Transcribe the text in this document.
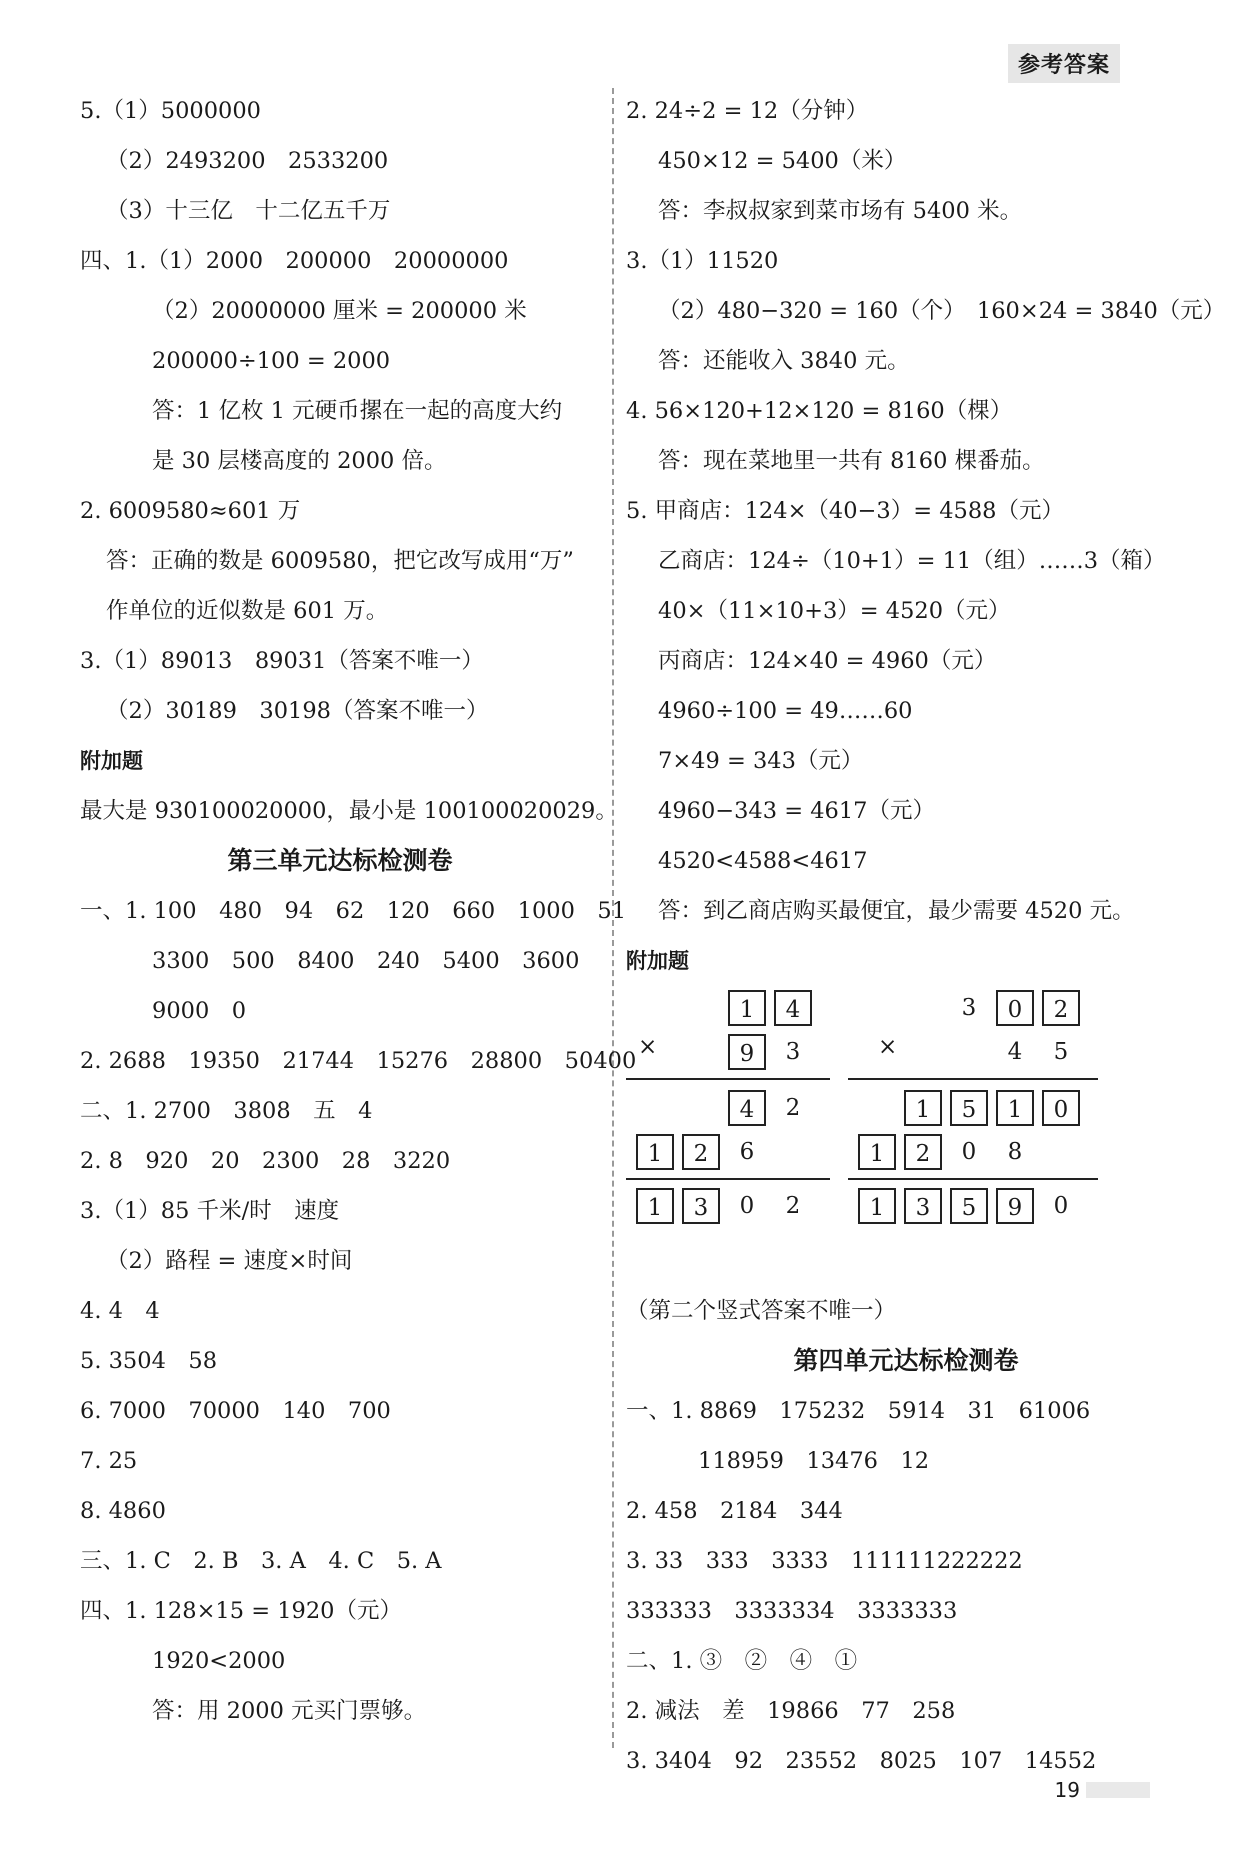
参考答案
5.（1）5000000
（2）2493200　2533200
（3）十三亿　十二亿五千万
四、1.（1）2000　200000　20000000
（2）20000000 厘米 = 200000 米
200000÷100 = 2000
答：1 亿枚 1 元硬币摞在一起的高度大约
是 30 层楼高度的 2000 倍。
2. 6009580≈601 万
答：正确的数是 6009580，把它改写成用“万”
作单位的近似数是 601 万。
3.（1）89013　89031（答案不唯一）
（2）30189　30198（答案不唯一）
附加题
最大是 930100020000，最小是 100100020029。
第三单元达标检测卷
一、1. 100　480　94　62　120　660　1000　51
3300　500　8400　240　5400　3600
9000　0
2. 2688　19350　21744　15276　28800　50400
二、1. 2700　3808　五　4
2. 8　920　20　2300　28　3220
3.（1）85 千米/时　速度
（2）路程 = 速度×时间
4. 4　4
5. 3504　58
6. 7000　70000　140　700
7. 25
8. 4860
三、1. C　2. B　3. A　4. C　5. A
四、1. 128×15 = 1920（元）
1920<2000
答：用 2000 元买门票够。
2. 24÷2 = 12（分钟）
450×12 = 5400（米）
答：李叔叔家到菜市场有 5400 米。
3.（1）11520
（2）480−320 = 160（个）　160×24 = 3840（元）
答：还能收入 3840 元。
4. 56×120+12×120 = 8160（棵）
答：现在菜地里一共有 8160 棵番茄。
5. 甲商店：124×（40−3）= 4588（元）
乙商店：124÷（10+1）= 11（组）……3（箱）
40×（11×10+3）= 4520（元）
丙商店：124×40 = 4960（元）
4960÷100 = 49……60
7×49 = 343（元）
4960−343 = 4617（元）
4520<4588<4617
答：到乙商店购买最便宜，最少需要 4520 元。
附加题
1	4
×	9	3
4	2
1	2	6
1	3	0	2
3	0	2
×	4	5
1	5	1	0
1	2	0	8
1	3	5	9	0
（第二个竖式答案不唯一）
第四单元达标检测卷
一、1. 8869　175232　5914　31　61006
118959　13476　12
2. 458　2184　344
3. 33　333　3333　111111222222
333333　3333334　3333333
二、1. ③　②　④　①
2. 减法　差　19866　77　258
3. 3404　92　23552　8025　107　14552
19
